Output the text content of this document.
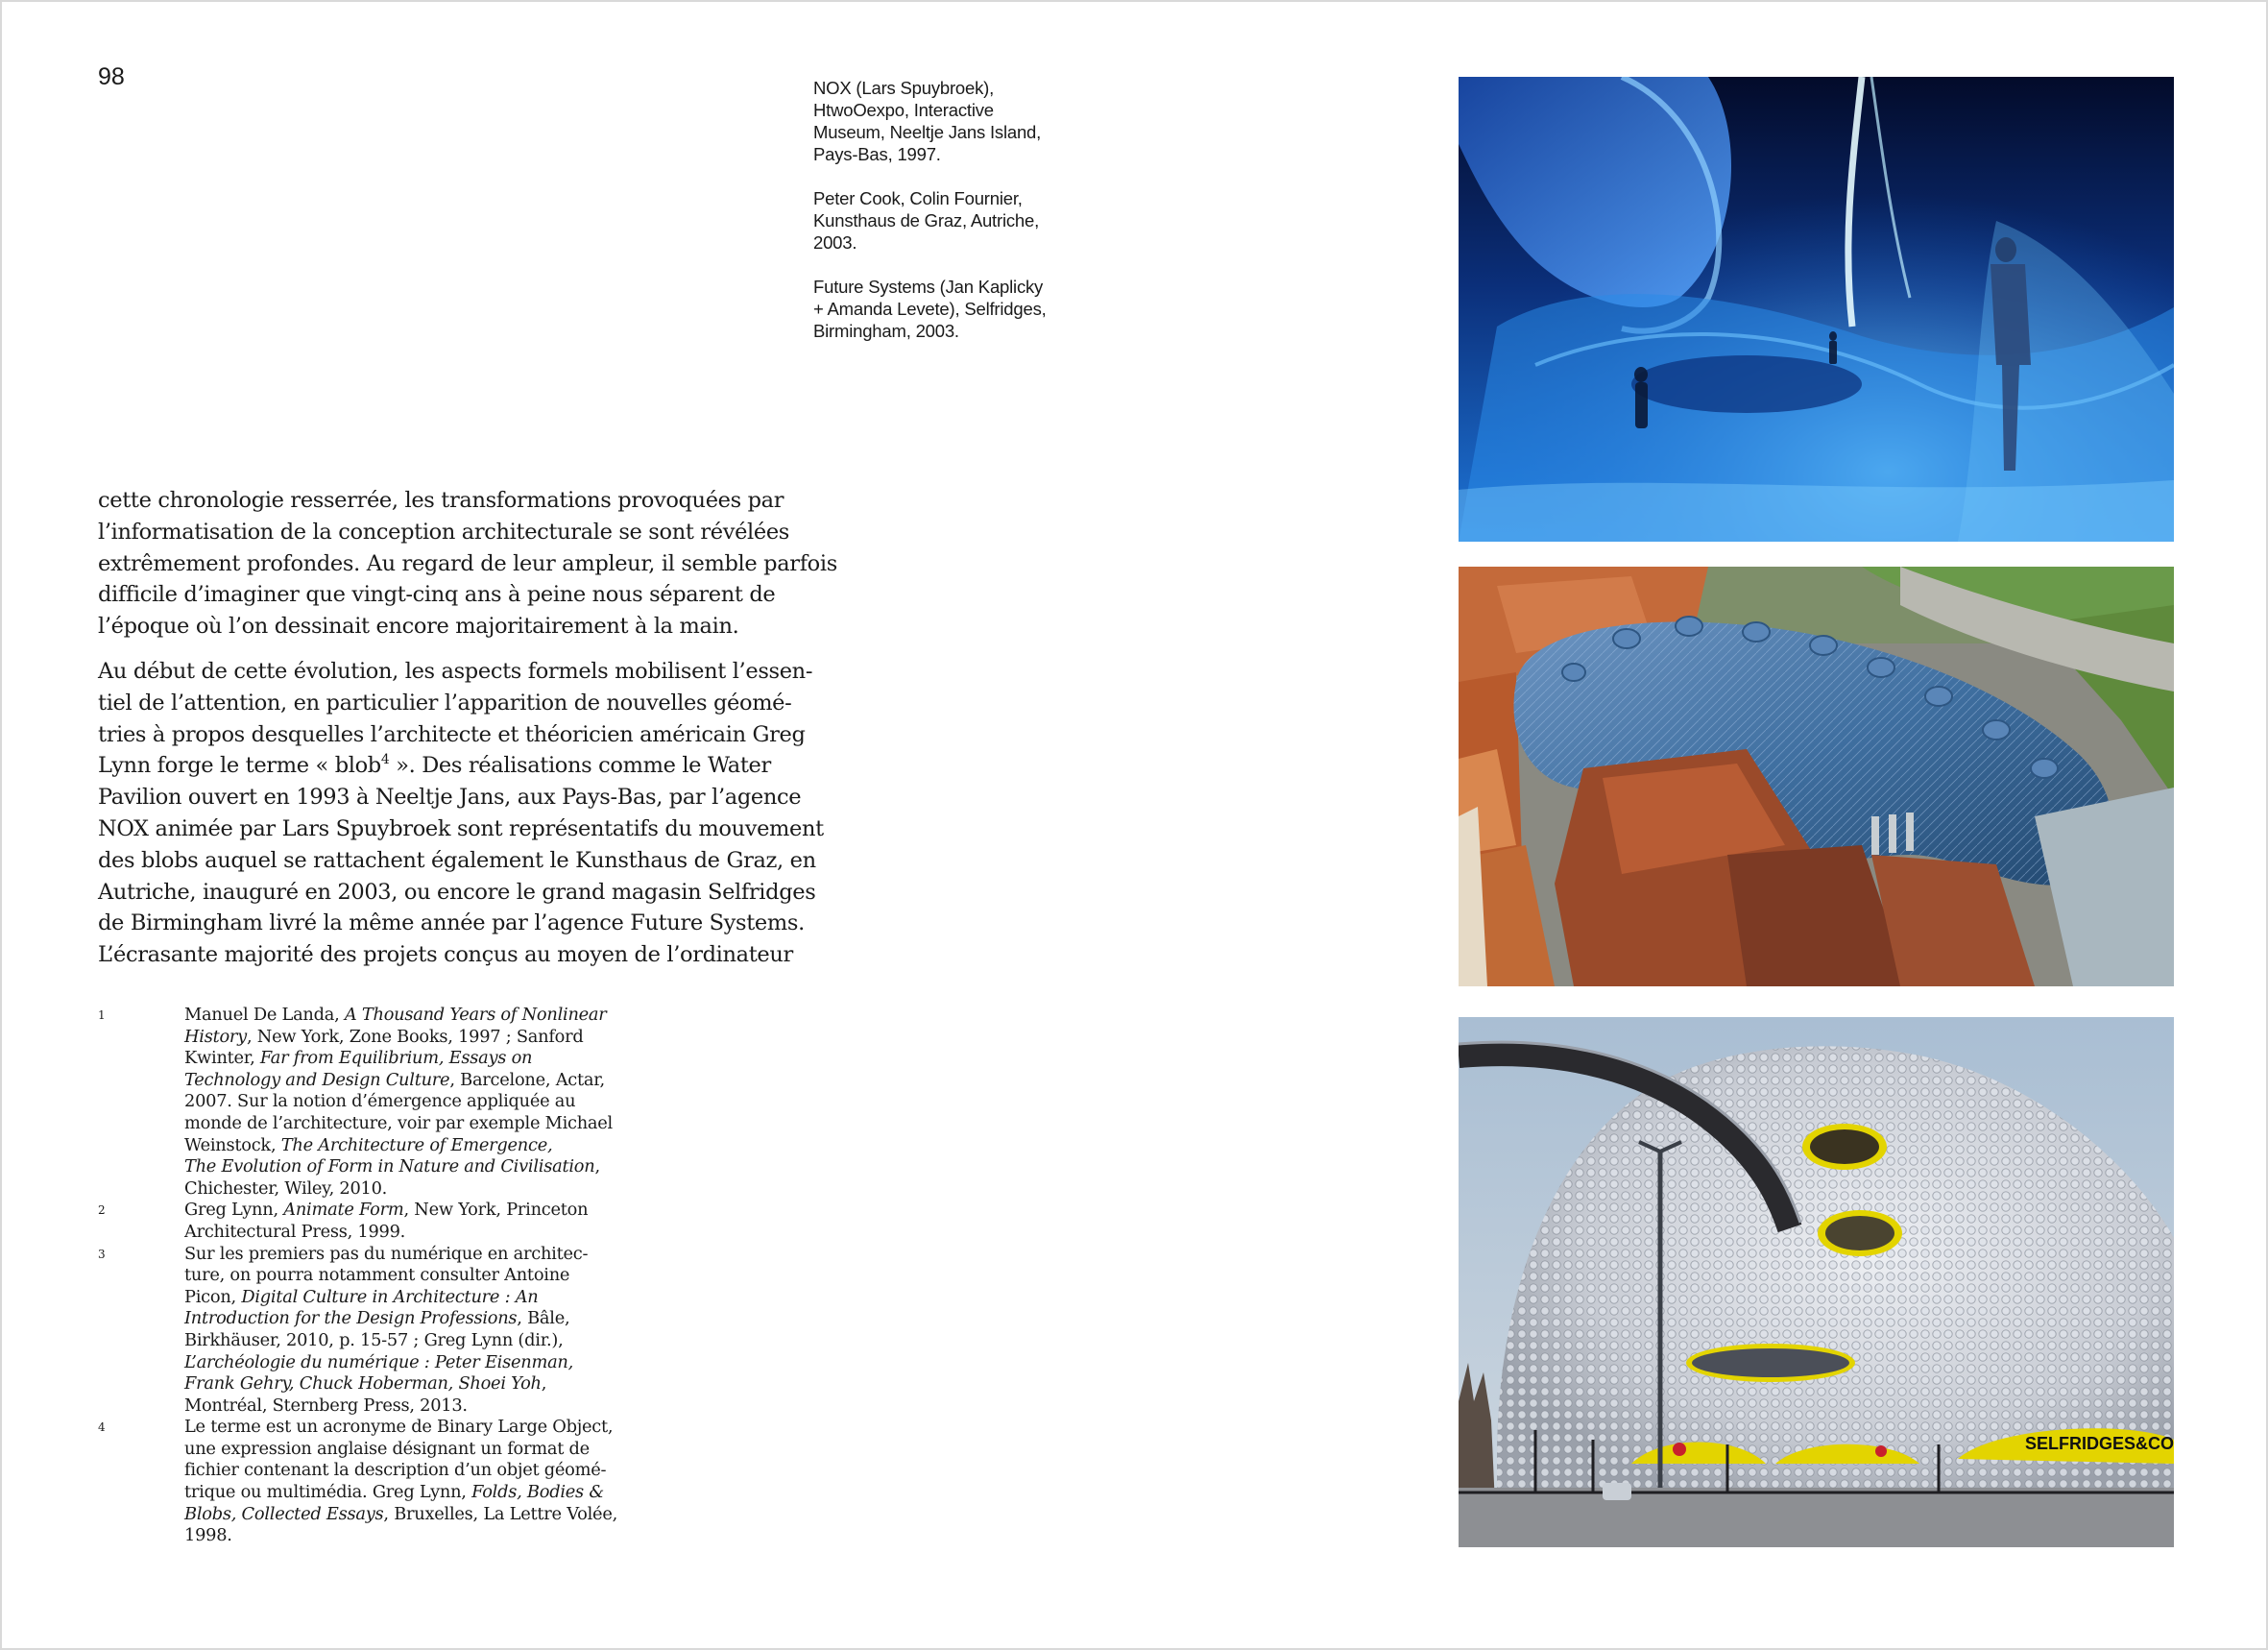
98	NOX (Lars Spuybroek),
HtwoOexpo, Interactive
Museum, Neeltje Jans Island,
Pays-Bas, 1997.

Peter Cook, Colin Fournier,
Kunsthaus de Graz, Autriche,
2003.

Future Systems (Jan Kaplicky
+ Amanda Levete), Selfridges,
Birmingham, 2003.

cette chronologie resserrée, les transformations provoquées par
l’informatisation de la conception architecturale se sont révélées
extrêmement profondes. Au regard de leur ampleur, il semble parfois
difficile d’imaginer que vingt-cinq ans à peine nous séparent de
l’époque où l’on dessinait encore majoritairement à la main.

Au début de cette évolution, les aspects formels mobilisent l’essen-
tiel de l’attention, en particulier l’apparition de nouvelles géomé-
tries à propos desquelles l’architecte et théoricien américain Greg
Lynn forge le terme « blob$^4$ ». Des réalisations comme le Water
Pavilion ouvert en 1993 à Neeltje Jans, aux Pays-Bas, par l’agence
NOX animée par Lars Spuybroek sont représentatifs du mouvement
des blobs auquel se rattachent également le Kunsthaus de Graz, en
Autriche, inauguré en 2003, ou encore le grand magasin Selfridges
de Birmingham livré la même année par l’agence Future Systems.
L’écrasante majorité des projets conçus au moyen de l’ordinateur

1	Manuel De Landa, A Thousand Years of Nonlinear
History, New York, Zone Books, 1997 ; Sanford
Kwinter, Far from Equilibrium, Essays on
Technology and Design Culture, Barcelone, Actar,
2007. Sur la notion d’émergence appliquée au
monde de l’architecture, voir par exemple Michael
Weinstock, The Architecture of Emergence,
The Evolution of Form in Nature and Civilisation,
Chichester, Wiley, 2010.
2	Greg Lynn, Animate Form, New York, Princeton
Architectural Press, 1999.
3	Sur les premiers pas du numérique en architec-
ture, on pourra notamment consulter Antoine
Picon, Digital Culture in Architecture : An
Introduction for the Design Professions, Bâle,
Birkhäuser, 2010, p. 15-57 ; Greg Lynn (dir.),
L’archéologie du numérique : Peter Eisenman,
Frank Gehry, Chuck Hoberman, Shoei Yoh,
Montréal, Sternberg Press, 2013.
4	Le terme est un acronyme de Binary Large Object,
une expression anglaise désignant un format de
fichier contenant la description d’un objet géomé-
trique ou multimédia. Greg Lynn, Folds, Bodies &
Blobs, Collected Essays, Bruxelles, La Lettre Volée,
1998.
SELFRIDGES&CO
